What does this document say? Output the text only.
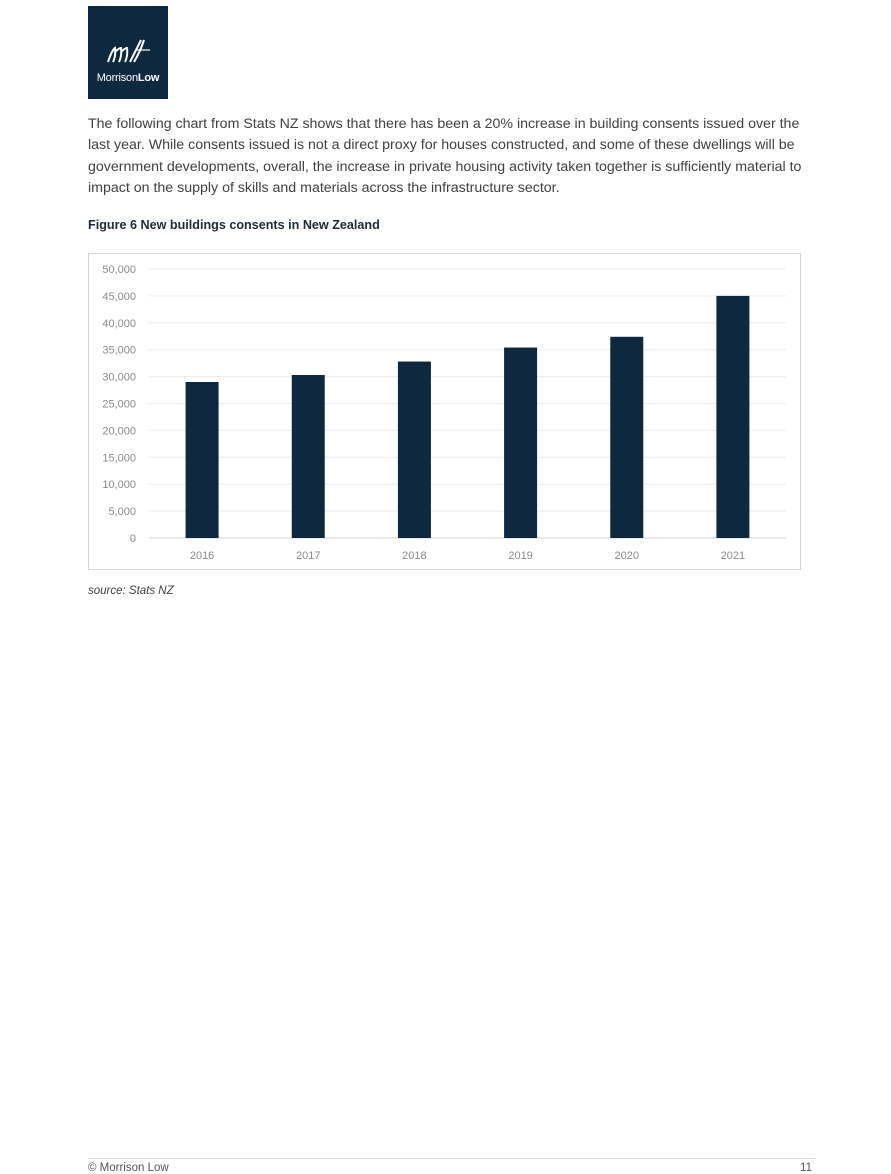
MorrisonLow

The following chart from Stats NZ shows that there has been a 20% increase in building consents issued over the last year. While consents issued is not a direct proxy for houses constructed, and some of these dwellings will be government developments, overall, the increase in private housing activity taken together is sufficiently material to impact on the supply of skills and materials across the infrastructure sector.

Figure 6 New buildings consents in New Zealand

50,000
45,000
40,000
35,000
30,000
25,000
20,000
15,000
10,000
5,000
0
2016	2017	2018	2019	2020	2021

source: Stats NZ

© Morrison Low	11
